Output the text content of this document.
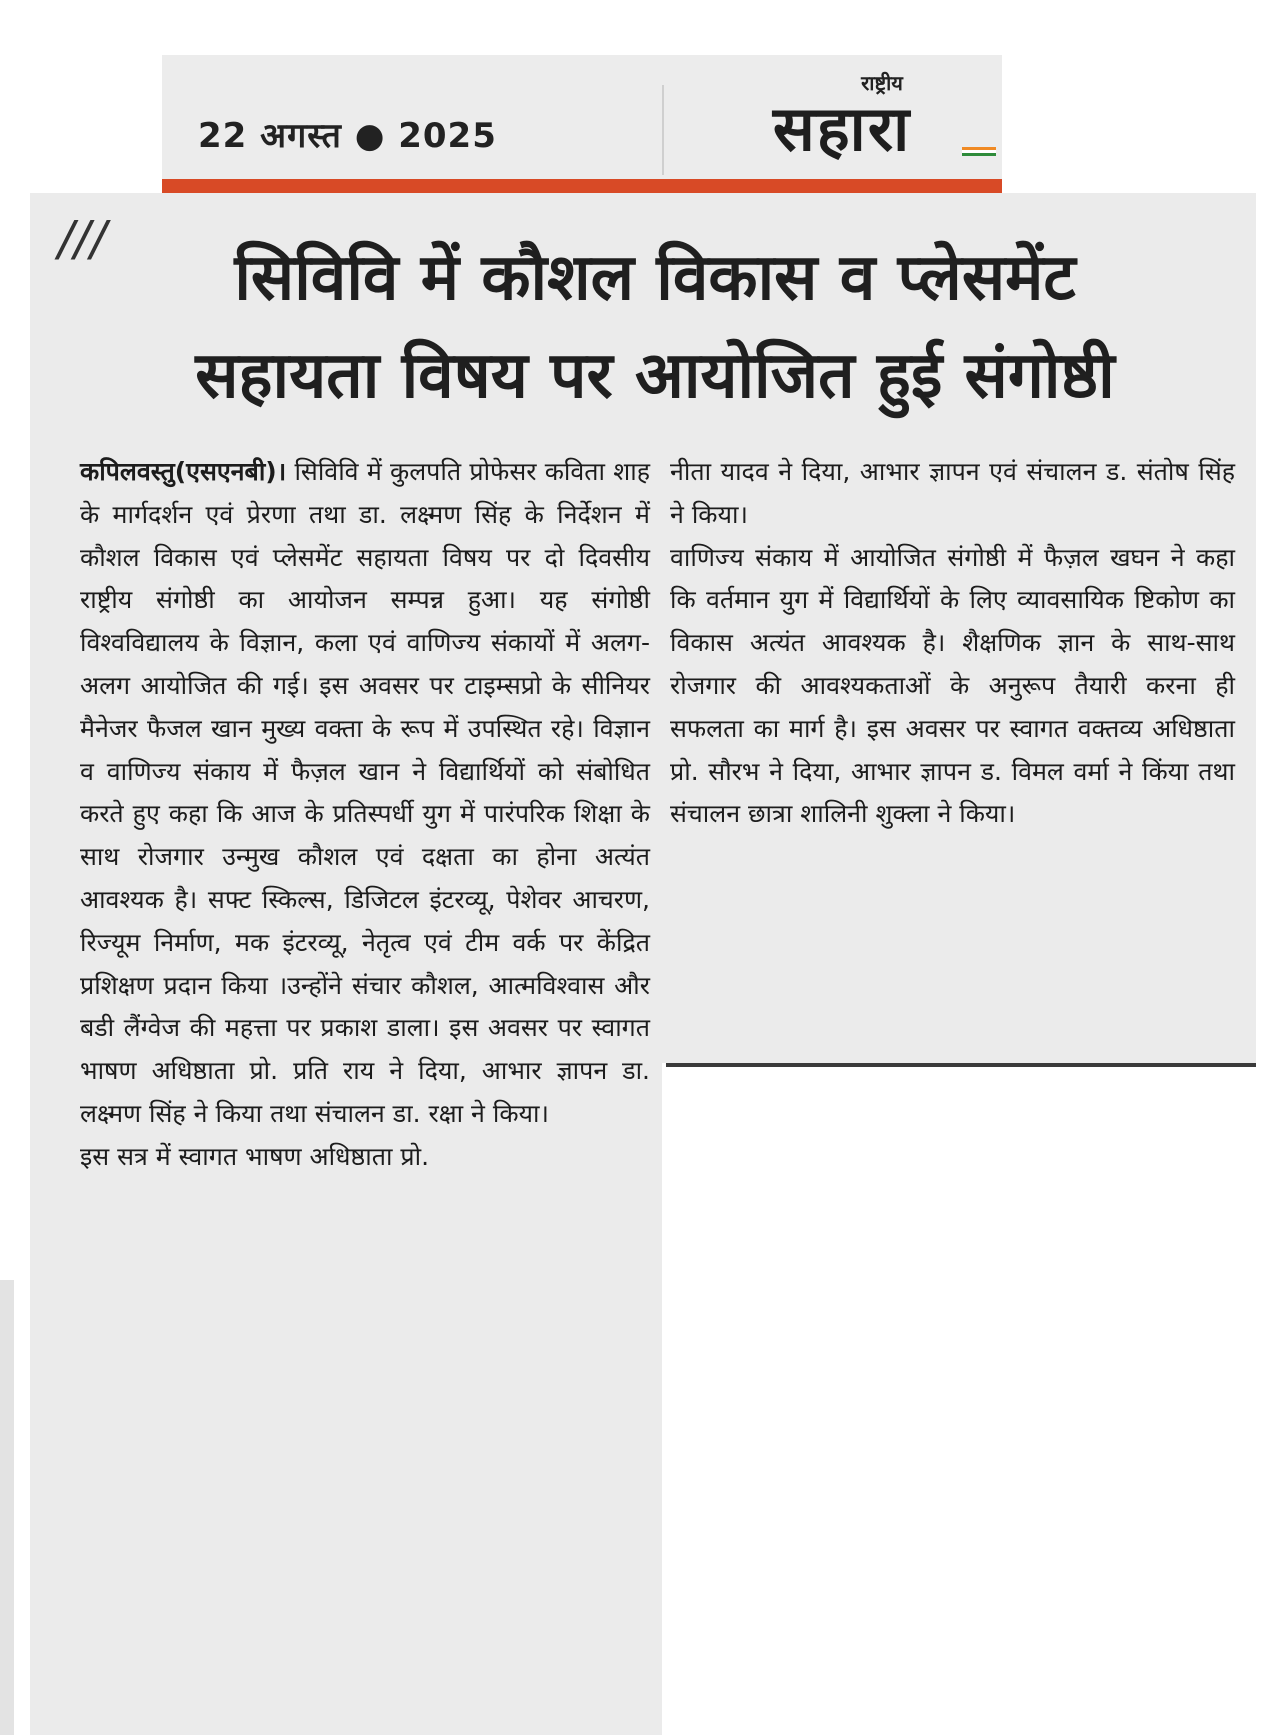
22 अगस्त ● 2025
राष्ट्रीय
सहारा
///
सिविवि में कौशल विकास व प्लेसमेंट
सहायता विषय पर आयोजित हुई संगोष्ठी

कपिलवस्तु(एसएनबी)। सिविवि में कुलपति प्रोफेसर कविता शाह के मार्गदर्शन एवं प्रेरणा तथा डा. लक्ष्मण सिंह के निर्देशन में कौशल विकास एवं प्लेसमेंट सहायता विषय पर दो दिवसीय राष्ट्रीय संगोष्ठी का आयोजन सम्पन्न हुआ। यह संगोष्ठी विश्वविद्यालय के विज्ञान, कला एवं वाणिज्य संकायों में अलग-अलग आयोजित की गई। इस अवसर पर टाइम्सप्रो के सीनियर मैनेजर फैजल खान मुख्य वक्ता के रूप में उपस्थित रहे। विज्ञान व वाणिज्य संकाय में फैज़ल खान ने विद्यार्थियों को संबोधित करते हुए कहा कि आज के प्रतिस्पर्धी युग में पारंपरिक शिक्षा के साथ रोजगार उन्मुख कौशल एवं दक्षता का होना अत्यंत आवश्यक है। सफ्ट स्किल्स, डिजिटल इंटरव्यू, पेशेवर आचरण, रिज्यूम निर्माण, मक इंटरव्यू, नेतृत्व एवं टीम वर्क पर केंद्रित प्रशिक्षण प्रदान किया ।उन्होंने संचार कौशल, आत्मविश्वास और बडी लैंग्वेज की महत्ता पर प्रकाश डाला। इस अवसर पर स्वागत भाषण अधिष्ठाता प्रो. प्रति राय ने दिया, आभार ज्ञापन डा. लक्ष्मण सिंह ने किया तथा संचालन डा. रक्षा ने किया।

इस सत्र में स्वागत भाषण अधिष्ठाता प्रो.

नीता यादव ने दिया, आभार ज्ञापन एवं संचालन ड. संतोष सिंह ने किया।

वाणिज्य संकाय में आयोजित संगोष्ठी में फैज़ल खघन ने कहा कि वर्तमान युग में विद्यार्थियों के लिए व्यावसायिक ष्टिकोण का विकास अत्यंत आवश्यक है। शैक्षणिक ज्ञान के साथ-साथ रोजगार की आवश्यकताओं के अनुरूप तैयारी करना ही सफलता का मार्ग है। इस अवसर पर स्वागत वक्तव्य अधिष्ठाता प्रो. सौरभ ने दिया, आभार ज्ञापन ड. विमल वर्मा ने किंया तथा संचालन छात्रा शालिनी शुक्ला ने किया।
